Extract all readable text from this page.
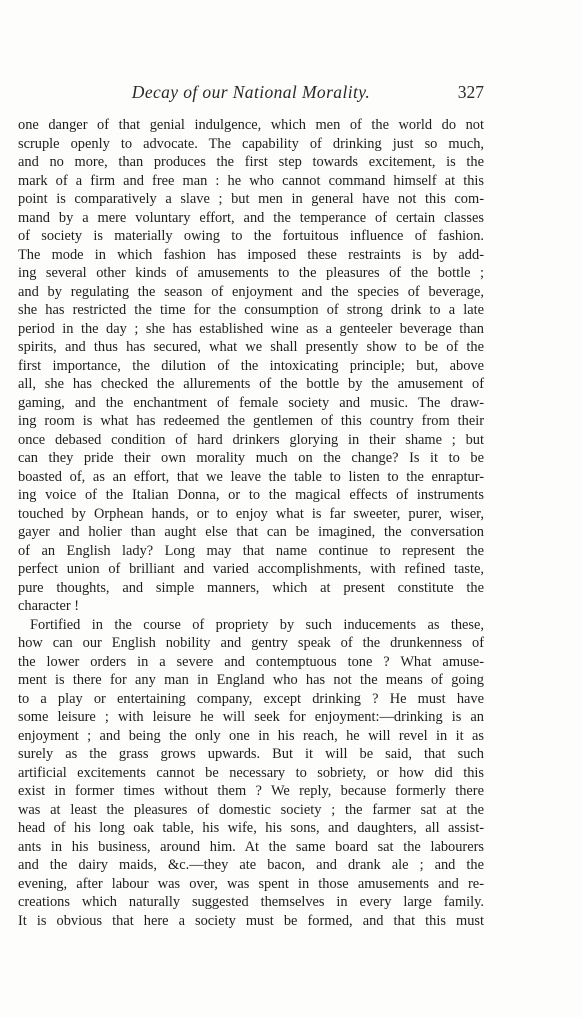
Decay of our National Morality.	327
one danger of that genial indulgence, which men of the world do not
scruple openly to advocate. The capability of drinking just so much,
and no more, than produces the first step towards excitement, is the
mark of a firm and free man : he who cannot command himself at this
point is comparatively a slave ; but men in general have not this com-
mand by a mere voluntary effort, and the temperance of certain classes
of society is materially owing to the fortuitous influence of fashion.
The mode in which fashion has imposed these restraints is by add-
ing several other kinds of amusements to the pleasures of the bottle ;
and by regulating the season of enjoyment and the species of beverage,
she has restricted the time for the consumption of strong drink to a late
period in the day ; she has established wine as a genteeler beverage than
spirits, and thus has secured, what we shall presently show to be of the
first importance, the dilution of the intoxicating principle; but, above
all, she has checked the allurements of the bottle by the amusement of
gaming, and the enchantment of female society and music. The draw-
ing room is what has redeemed the gentlemen of this country from their
once debased condition of hard drinkers glorying in their shame ; but
can they pride their own morality much on the change? Is it to be
boasted of, as an effort, that we leave the table to listen to the enraptur-
ing voice of the Italian Donna, or to the magical effects of instruments
touched by Orphean hands, or to enjoy what is far sweeter, purer, wiser,
gayer and holier than aught else that can be imagined, the conversation
of an English lady? Long may that name continue to represent the
perfect union of brilliant and varied accomplishments, with refined taste,
pure thoughts, and simple manners, which at present constitute the
character !
Fortified in the course of propriety by such inducements as these,
how can our English nobility and gentry speak of the drunkenness of
the lower orders in a severe and contemptuous tone ? What amuse-
ment is there for any man in England who has not the means of going
to a play or entertaining company, except drinking ? He must have
some leisure ; with leisure he will seek for enjoyment:—drinking is an
enjoyment ; and being the only one in his reach, he will revel in it as
surely as the grass grows upwards. But it will be said, that such
artificial excitements cannot be necessary to sobriety, or how did this
exist in former times without them ? We reply, because formerly there
was at least the pleasures of domestic society ; the farmer sat at the
head of his long oak table, his wife, his sons, and daughters, all assist-
ants in his business, around him. At the same board sat the labourers
and the dairy maids, &c.—they ate bacon, and drank ale ; and the
evening, after labour was over, was spent in those amusements and re-
creations which naturally suggested themselves in every large family.
It is obvious that here a society must be formed, and that this must
